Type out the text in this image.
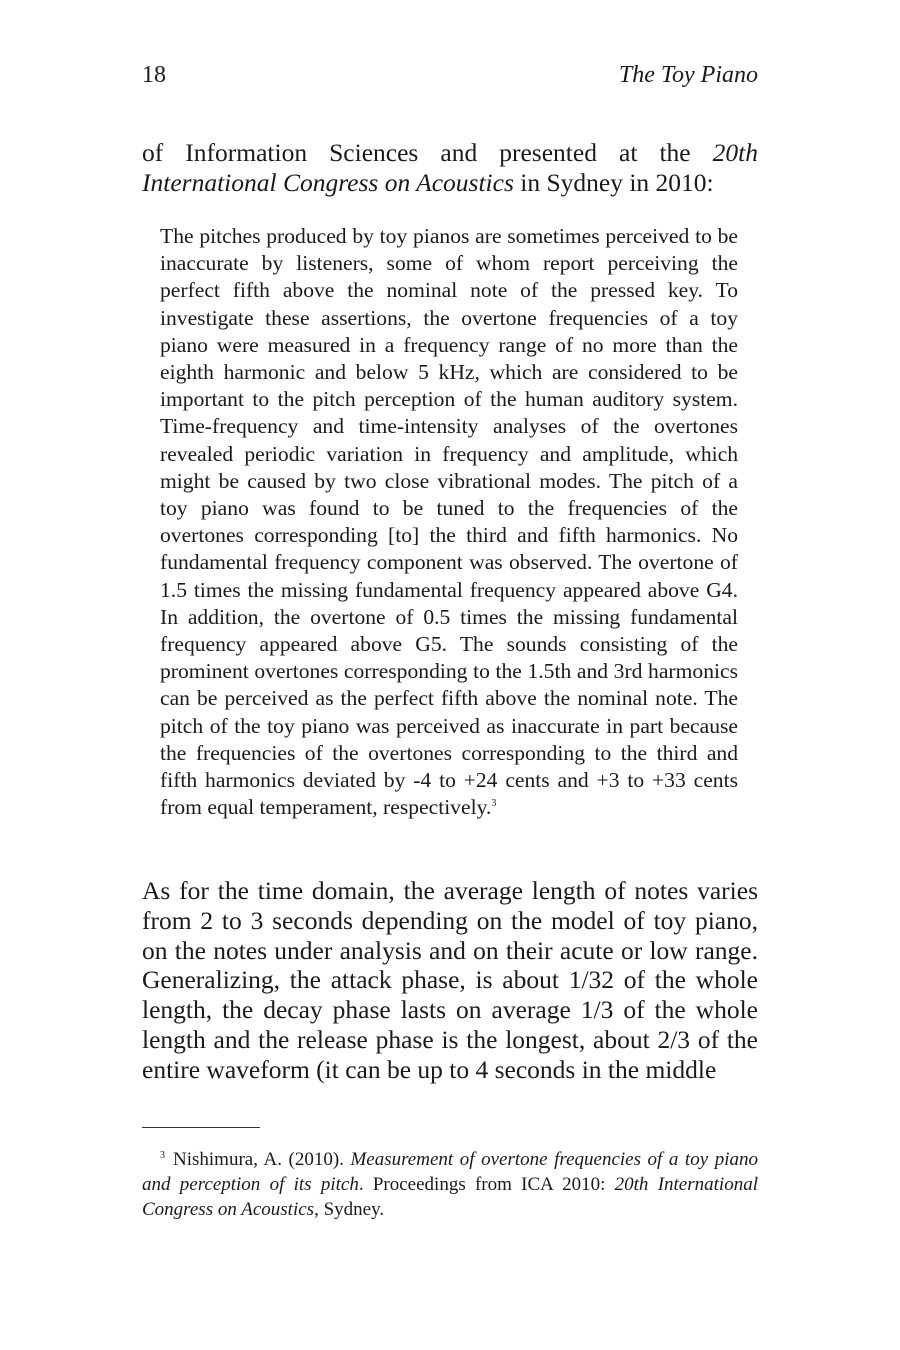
18	The Toy Piano

of Information Sciences and presented at the 20th International Congress on Acoustics in Sydney in 2010:

The pitches produced by toy pianos are sometimes perceived to be inaccurate by listeners, some of whom report perceiving the perfect fifth above the nominal note of the pressed key. To investigate these assertions, the overtone frequencies of a toy piano were measured in a frequency range of no more than the eighth harmonic and below 5 kHz, which are considered to be important to the pitch perception of the human auditory system. Time-frequency and time-intensity analyses of the overtones revealed periodic variation in frequency and amplitude, which might be caused by two close vibrational modes. The pitch of a toy piano was found to be tuned to the frequencies of the overtones corresponding [to] the third and fifth harmonics. No fundamental frequency component was observed. The overtone of 1.5 times the missing fundamental frequency appeared above G4. In addition, the overtone of 0.5 times the missing fundamental frequency appeared above G5. The sounds consisting of the prominent overtones corresponding to the 1.5th and 3rd harmonics can be perceived as the perfect fifth above the nominal note. The pitch of the toy piano was perceived as inaccurate in part because the frequencies of the overtones corresponding to the third and fifth harmonics deviated by -4 to +24 cents and +3 to +33 cents from equal temperament, respectively.$^3$

As for the time domain, the average length of notes varies from 2 to 3 seconds depending on the model of toy piano, on the notes under analysis and on their acute or low range. Generalizing, the attack phase, is about 1/32 of the whole length, the decay phase lasts on average 1/3 of the whole length and the release phase is the longest, about 2/3 of the entire waveform (it can be up to 4 seconds in the middle

$^3$ Nishimura, A. (2010). Measurement of overtone frequencies of a toy piano and perception of its pitch. Proceedings from ICA 2010: 20th International Congress on Acoustics, Sydney.
